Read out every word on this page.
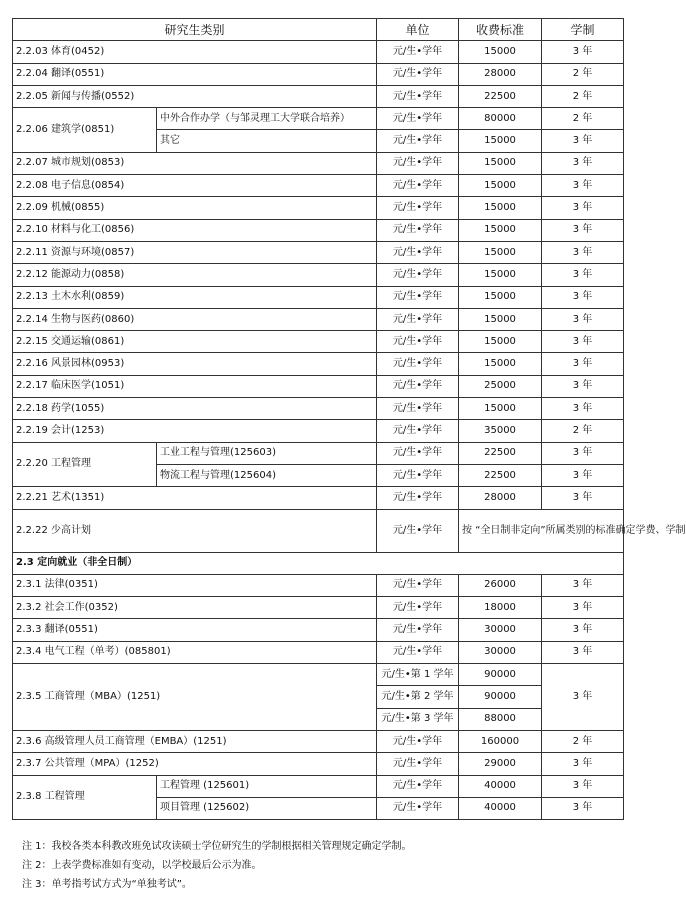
研究生类别		单位	收费标准	学制
2.2.03 体育(0452)		元/生•学年	15000	3 年
2.2.04 翻译(0551)		元/生•学年	28000	2 年
2.2.05 新闻与传播(0552)		元/生•学年	22500	2 年
2.2.06 建筑学(0851)	中外合作办学（与邹灵理工大学联合培养）	元/生•学年	80000	2 年
	其它	元/生•学年	15000	3 年
2.2.07 城市规划(0853)		元/生•学年	15000	3 年
2.2.08 电子信息(0854)		元/生•学年	15000	3 年
2.2.09 机械(0855)		元/生•学年	15000	3 年
2.2.10 材料与化工(0856)		元/生•学年	15000	3 年
2.2.11 资源与环境(0857)		元/生•学年	15000	3 年
2.2.12 能源动力(0858)		元/生•学年	15000	3 年
2.2.13 土木水利(0859)		元/生•学年	15000	3 年
2.2.14 生物与医药(0860)		元/生•学年	15000	3 年
2.2.15 交通运输(0861)		元/生•学年	15000	3 年
2.2.16 风景园林(0953)		元/生•学年	15000	3 年
2.2.17 临床医学(1051)		元/生•学年	25000	3 年
2.2.18 药学(1055)		元/生•学年	15000	3 年
2.2.19 会计(1253)		元/生•学年	35000	2 年
2.2.20 工程管理	工业工程与管理(125603)	元/生•学年	22500	3 年
	物流工程与管理(125604)	元/生•学年	22500	3 年
2.2.21 艺术(1351)		元/生•学年	28000	3 年
2.2.22 少高计划		元/生•学年	按 “全日制非定向”所属类别的标准确定学费、学制	
2.3 定向就业（非全日制）				
2.3.1 法律(0351)		元/生•学年	26000	3 年
2.3.2 社会工作(0352)		元/生•学年	18000	3 年
2.3.3 翻译(0551)		元/生•学年	30000	3 年
2.3.4 电气工程（单考）(085801)		元/生•学年	30000	3 年
2.3.5 工商管理（MBA）(1251)		元/生•第 1 学年	90000	3 年
		元/生•第 2 学年	90000	
		元/生•第 3 学年	88000	
2.3.6 高级管理人员工商管理（EMBA）(1251)		元/生•学年	160000	2 年
2.3.7 公共管理（MPA）(1252)		元/生•学年	29000	3 年
2.3.8 工程管理	工程管理 (125601)	元/生•学年	40000	3 年
	项目管理 (125602)	元/生•学年	40000	3 年
注 1：我校各类本科教改班免试攻读硕士学位研究生的学制根据相关管理规定确定学制。
注 2：上表学费标准如有变动，以学校最后公示为准。
注 3：单考指考试方式为“单独考试”。
